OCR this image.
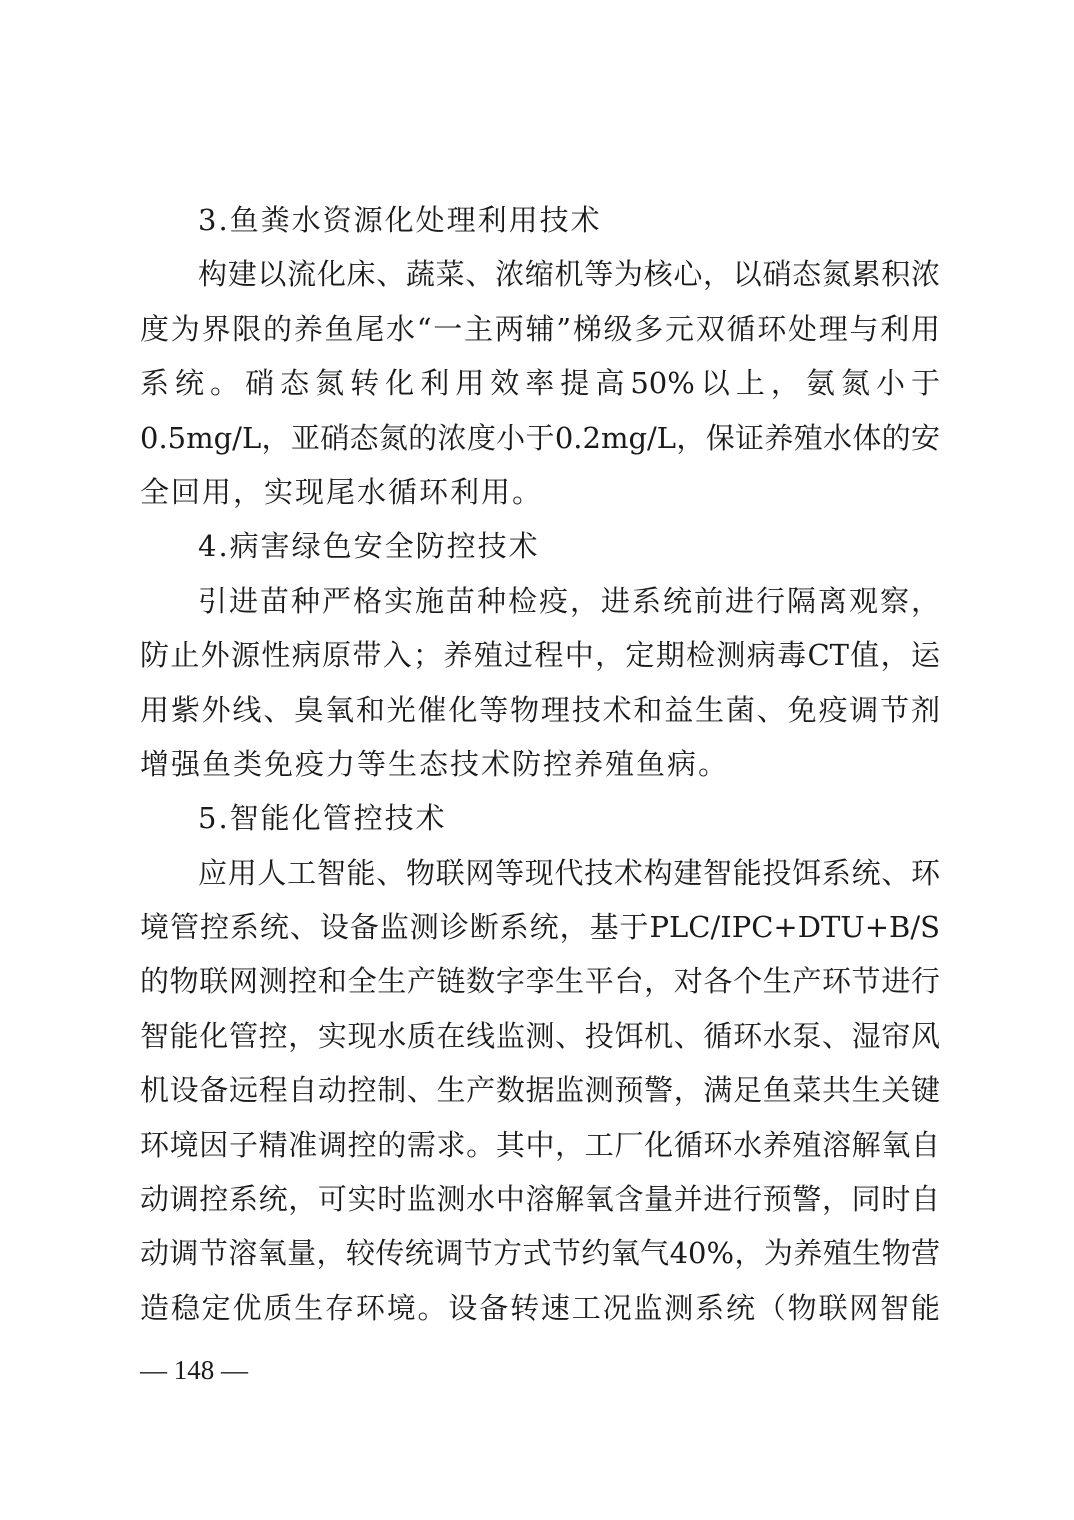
3.鱼粪水资源化处理利用技术
构建以流化床、蔬菜、浓缩机等为核心，以硝态氮累积浓
度为界限的养鱼尾水“一主两辅”梯级多元双循环处理与利用
系统。硝态氮转化利用效率提高50%以上，氨氮小于
0.5mg/L，亚硝态氮的浓度小于0.2mg/L，保证养殖水体的安
全回用，实现尾水循环利用。
4.病害绿色安全防控技术
引进苗种严格实施苗种检疫，进系统前进行隔离观察，
防止外源性病原带入；养殖过程中，定期检测病毒CT值，运
用紫外线、臭氧和光催化等物理技术和益生菌、免疫调节剂
增强鱼类免疫力等生态技术防控养殖鱼病。
5.智能化管控技术
应用人工智能、物联网等现代技术构建智能投饵系统、环
境管控系统、设备监测诊断系统，基于PLC/IPC+DTU+B/S
的物联网测控和全生产链数字孪生平台，对各个生产环节进行
智能化管控，实现水质在线监测、投饵机、循环水泵、湿帘风
机设备远程自动控制、生产数据监测预警，满足鱼菜共生关键
环境因子精准调控的需求。其中，工厂化循环水养殖溶解氧自
动调控系统，可实时监测水中溶解氧含量并进行预警，同时自
动调节溶氧量，较传统调节方式节约氧气40%，为养殖生物营
造稳定优质生存环境。设备转速工况监测系统（物联网智能
— 148 —
